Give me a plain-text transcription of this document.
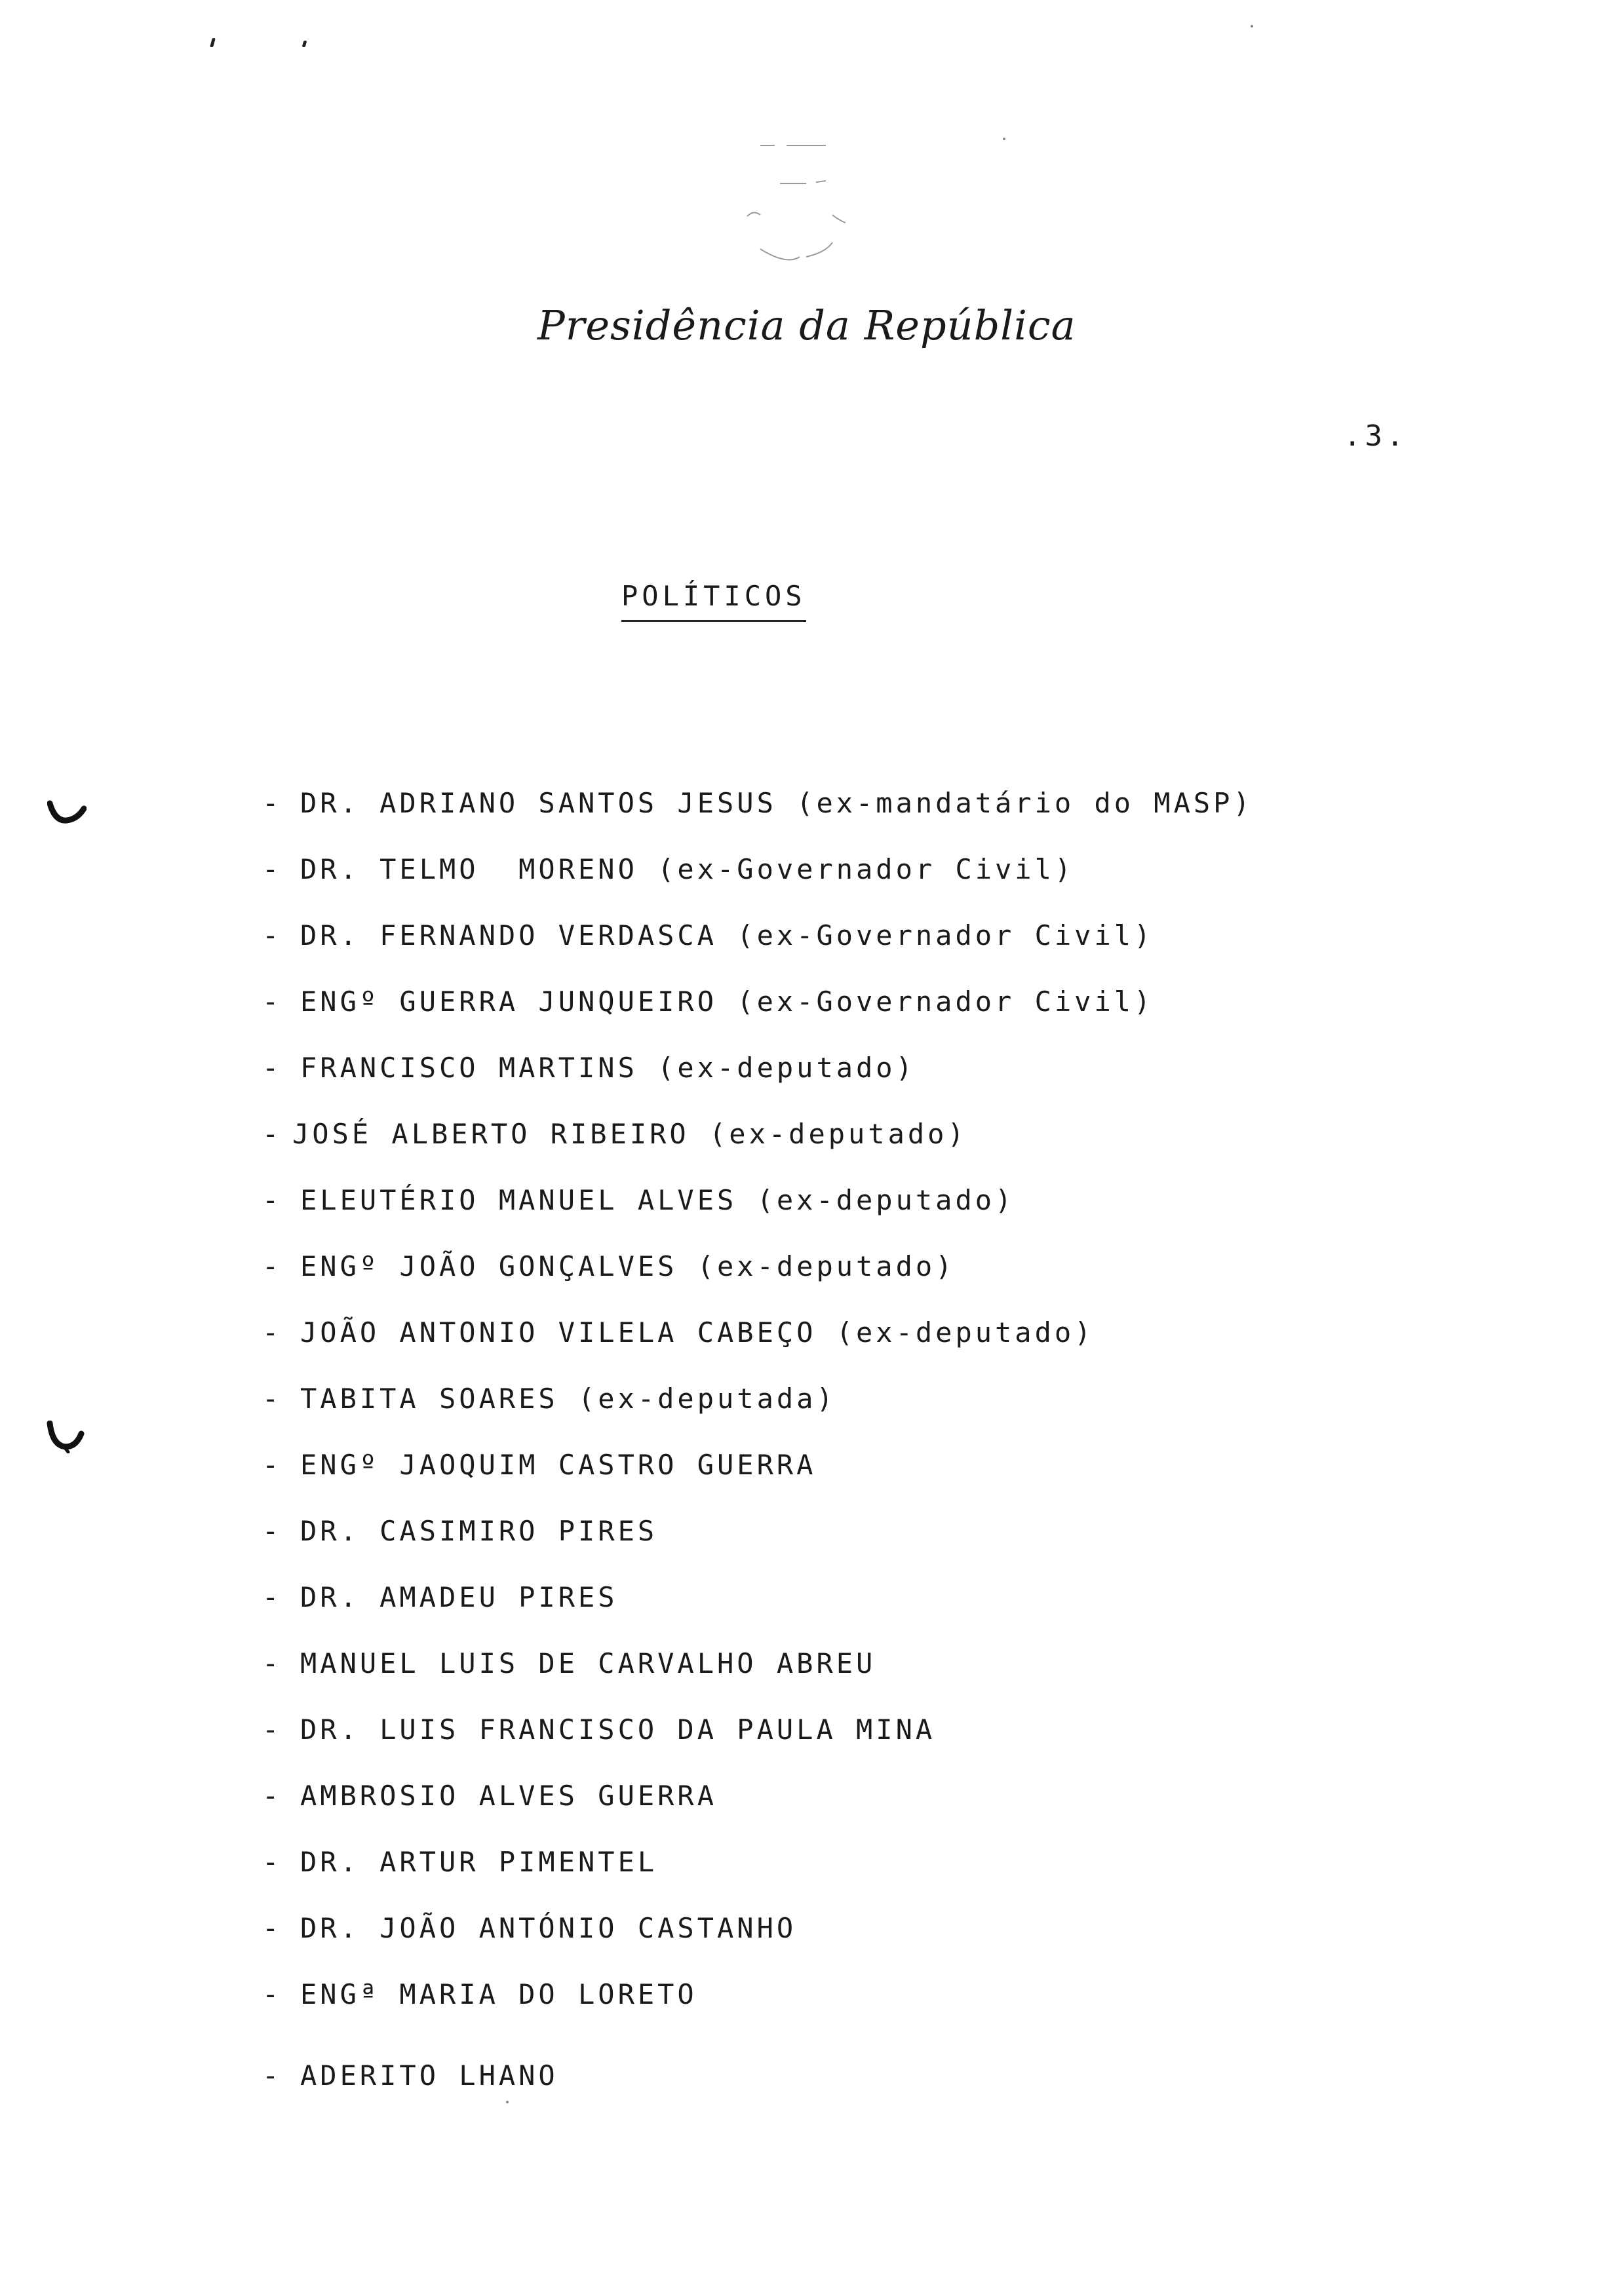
Presidência da República
.3.
POLÍTICOS
- DR. ADRIANO SANTOS JESUS (ex-mandatário do MASP)
- DR. TELMO  MORENO (ex-Governador Civil)
- DR. FERNANDO VERDASCA (ex-Governador Civil)
- ENGº GUERRA JUNQUEIRO (ex-Governador Civil)
- FRANCISCO MARTINS (ex-deputado)
- JOSÉ ALBERTO RIBEIRO (ex-deputado)
- ELEUTÉRIO MANUEL ALVES (ex-deputado)
- ENGº JOÃO GONÇALVES (ex-deputado)
- JOÃO ANTONIO VILELA CABEÇO (ex-deputado)
- TABITA SOARES (ex-deputada)
- ENGº JAOQUIM CASTRO GUERRA
- DR. CASIMIRO PIRES
- DR. AMADEU PIRES
- MANUEL LUIS DE CARVALHO ABREU
- DR. LUIS FRANCISCO DA PAULA MINA
- AMBROSIO ALVES GUERRA
- DR. ARTUR PIMENTEL
- DR. JOÃO ANTÓNIO CASTANHO
- ENGª MARIA DO LORETO
- ADERITO LHANO
